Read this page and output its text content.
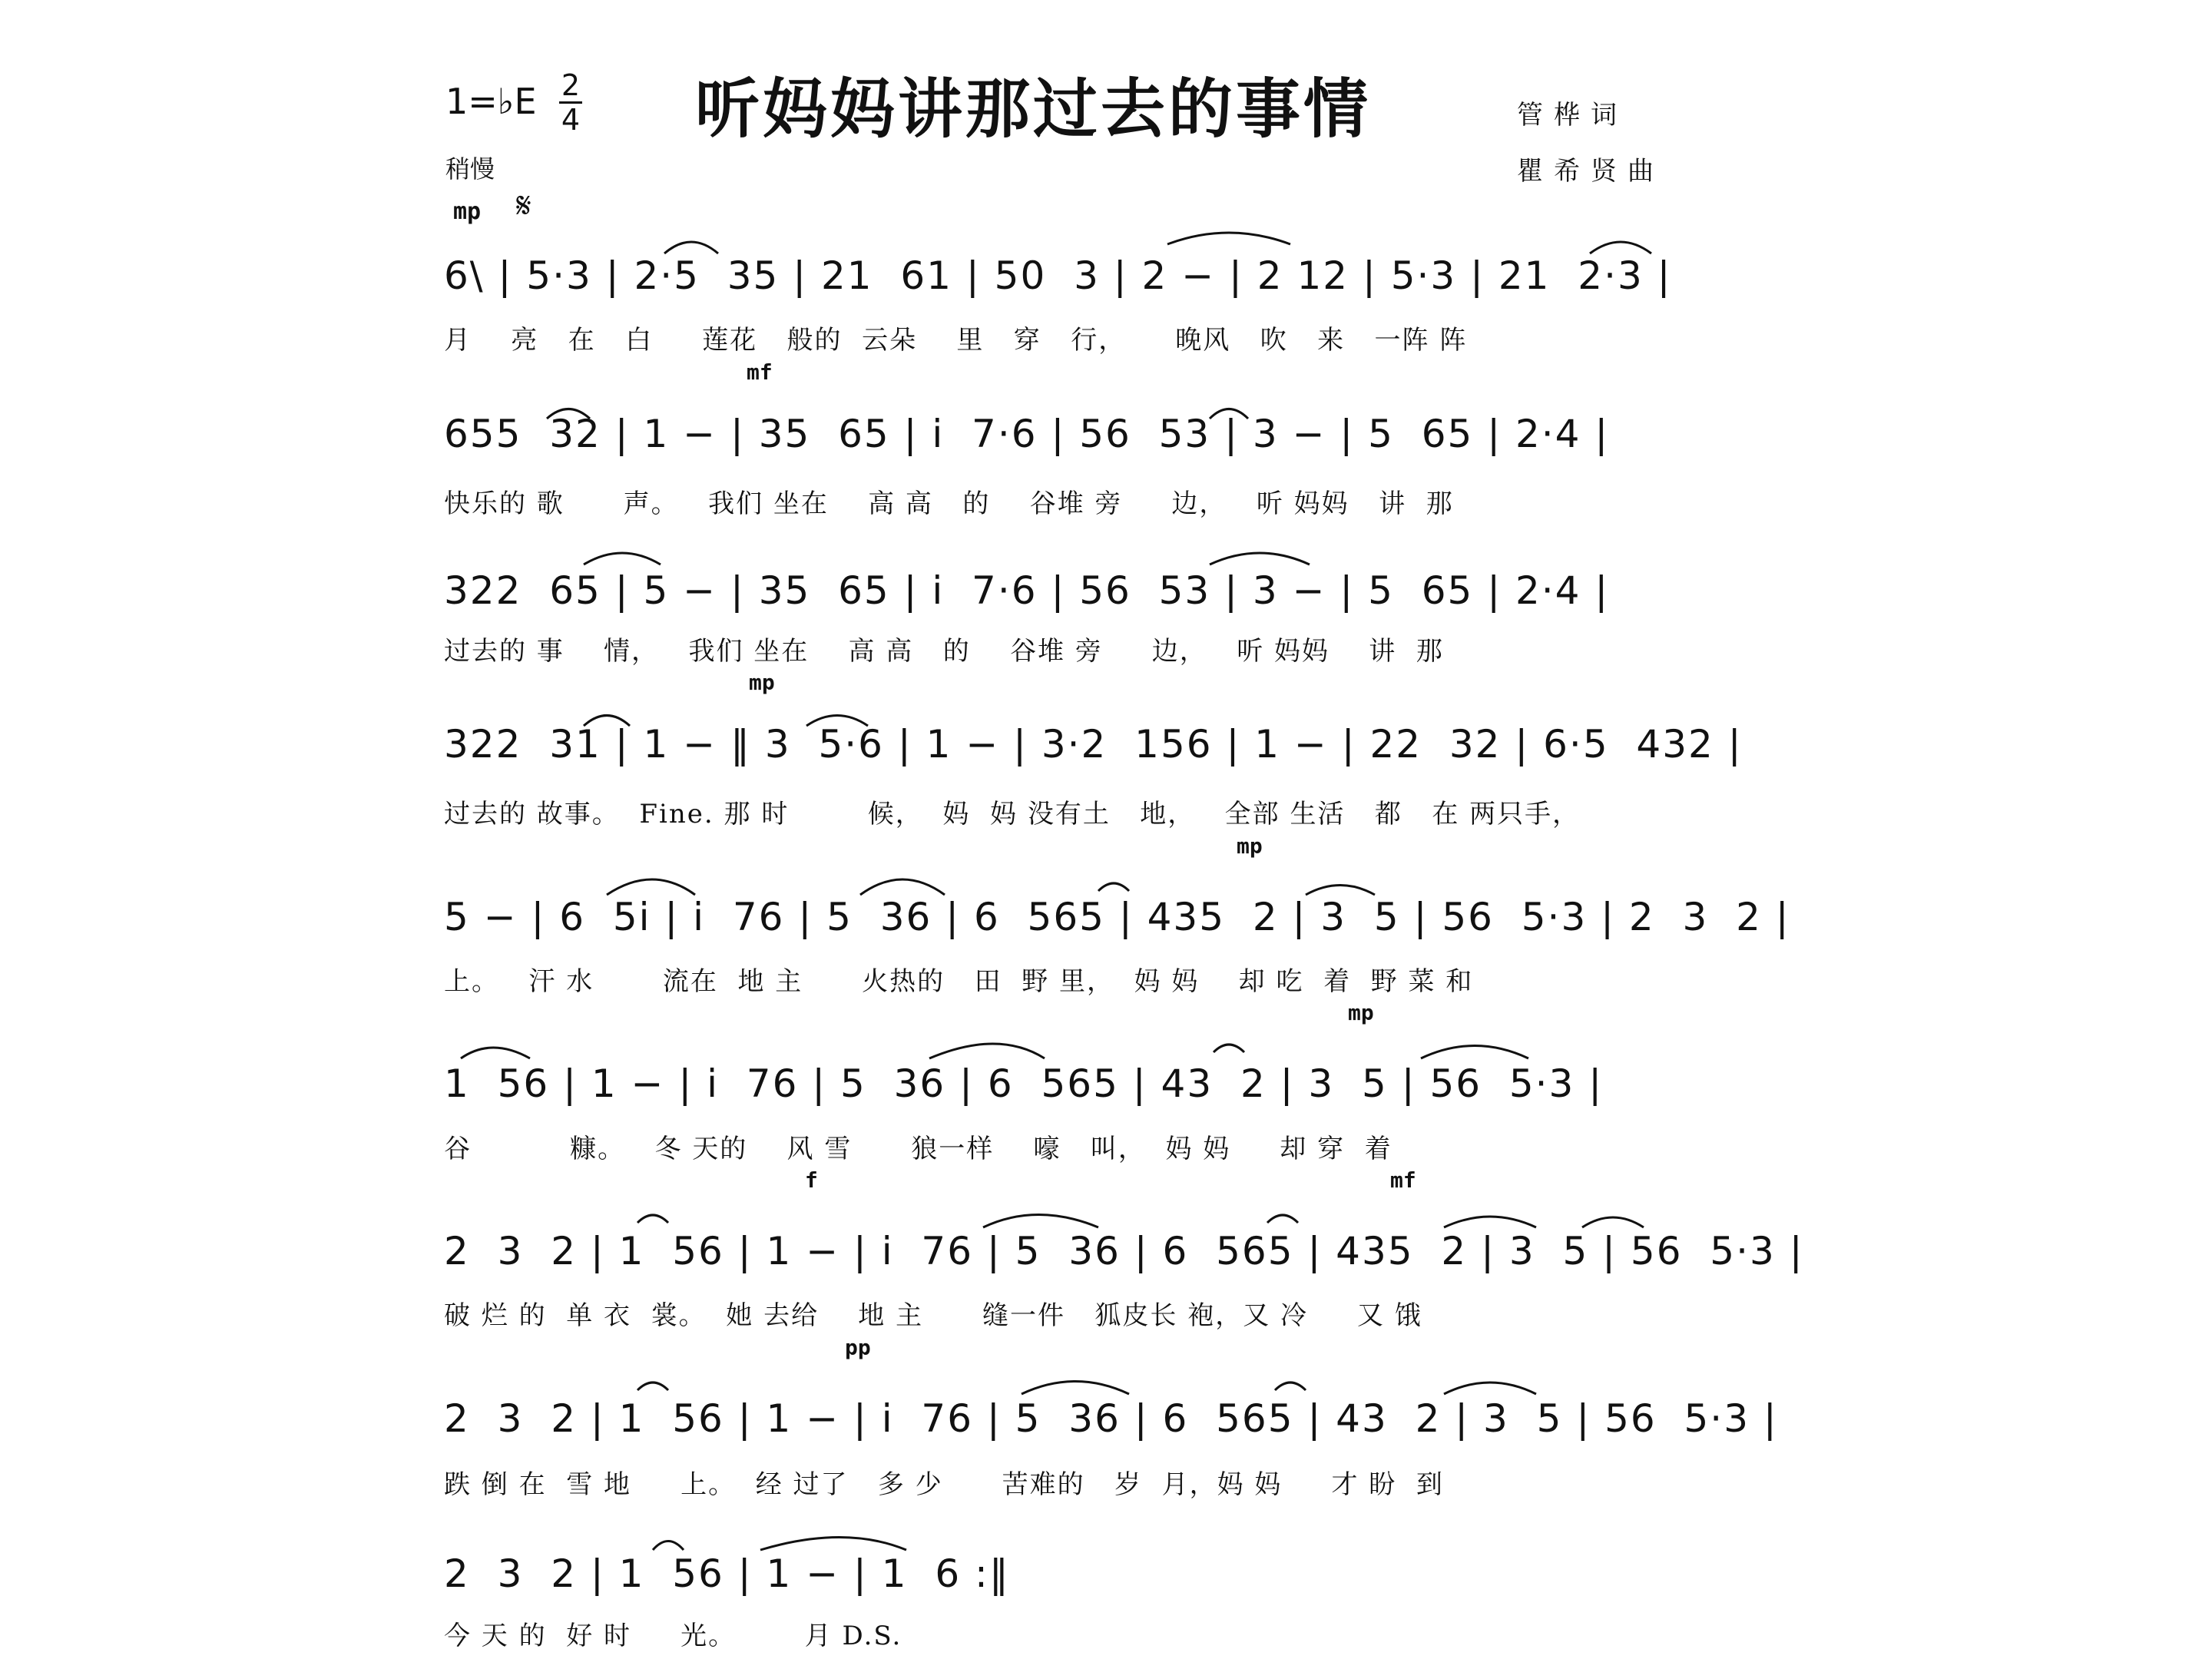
1=♭E 2
4 听妈妈讲那过去的事情	管桦词
瞿希贤曲
稍慢
mp 𝄋
6\ | 5·3 | 2·5  35 | 21  61 | 50  3 | 2 − | 2 12 | 5·3 | 21  2·3 |
月    亮   在   白     莲花   般的  云朵    里   穿   行，     晚风   吹   来   一阵 阵
mf
655  32 | 1 − | 35  65 | i  7·6 | 56  53 | 3 − | 5  65 | 2·4 |
快乐的 歌      声。   我们 坐在    高 高   的    谷堆 旁     边，   听 妈妈   讲  那
322  65 | 5 − | 35  65 | i  7·6 | 56  53 | 3 − | 5  65 | 2·4 |
过去的 事    情，   我们 坐在    高 高   的    谷堆 旁     边，   听 妈妈    讲  那
mp
322  31 | 1 − ‖ 3  5·6 | 1 − | 3·2  156 | 1 − | 22  32 | 6·5  432 |
过去的 故事。  Fine. 那 时        候，  妈  妈 没有土   地，   全部 生活   都   在 两只手，
mp
5 − | 6  5i | i  76 | 5  36 | 6  565 | 435  2 | 3  5 | 56  5·3 | 2  3  2 |
上。   汗 水       流在  地 主      火热的   田  野 里，  妈 妈    却 吃  着  野 菜 和
mp
1  56 | 1 − | i  76 | 5  36 | 6  565 | 43  2 | 3  5 | 56  5·3 |
谷          糠。   冬 天的    风 雪      狼一样    嚎   叫，  妈 妈     却 穿  着
f	mf
2  3  2 | 1  56 | 1 − | i  76 | 5  36 | 6  565 | 435  2 | 3  5 | 56  5·3 |
破 烂 的  单 衣  裳。  她 去给    地 主      缝一件   狐皮长 袍，又 冷     又 饿
pp
2  3  2 | 1  56 | 1 − | i  76 | 5  36 | 6  565 | 43  2 | 3  5 | 56  5·3 |
跌 倒 在  雪 地     上。  经 过了   多 少      苦难的   岁  月，妈 妈     才 盼  到
2  3  2 | 1  56 | 1 − | 1  6 :‖
今 天 的  好 时     光。       月 D.S.
